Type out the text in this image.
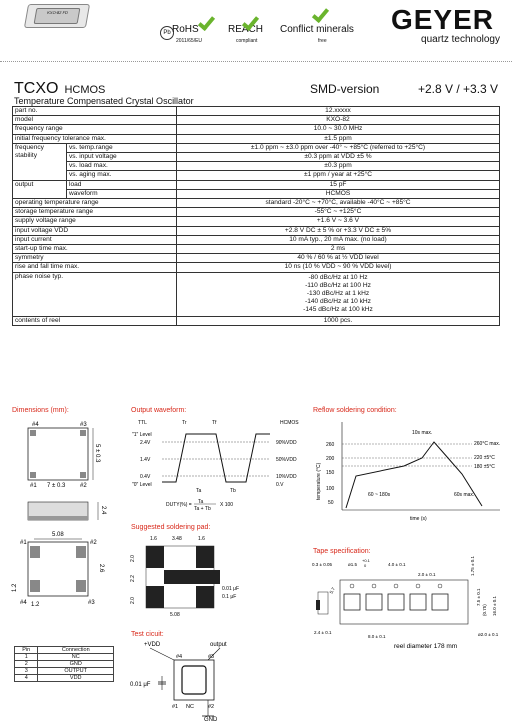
KXO-82 FD
Pb RoHS
2011/65/EU
REACH
compliant
Conflict minerals
free
GEYER
quartz technology
TCXO HCMOS
Temperature Compensated Crystal Oscillator
SMD-version	+2.8 V / +3.3 V
part no.		12.xxxxx
model		KXO-82
frequency range		10.0 ~ 30.0 MHz
initial frequency tolerance max.		±1.5 ppm
frequency stability	vs. temp.range	±1.0 ppm ~ ±3.0 ppm over -40° ~ +85°C (referred to +25°C)
	vs. input voltage	±0.3 ppm at VDD ±5 %
	vs. load max.	±0.3 ppm
	vs. aging max.	±1 ppm / year at +25°C
output	load	15 pF
	waveform	HCMOS
operating temperature range		standard -20°C ~ +70°C, available -40°C ~ +85°C
storage temperature range		-55°C ~ +125°C
supply voltage range		+1.6 V ~ 3.6 V
input voltage VDD		+2.8 V DC ± 5 % or +3.3 V DC ± 5%
input current		10 mA typ., 20 mA max. (no load)
start-up time max.		2 ms
symmetry		40 % / 60 % at ½ VDD level
rise and fall time max.		10 ns (10 % VDD ~ 90 % VDD level)
phase noise typ.		-80 dBc/Hz at 10 Hz
-110 dBc/Hz at 100 Hz
-130 dBc/Hz at 1 kHz
-140 dBc/Hz at 10 kHz
-145 dBc/Hz at 100 kHz

contents of reel		1000 pcs.
Dimensions (mm):	Output waveform:	Reflow soldering condition:
Suggested soldering pad:
Tape specification:
Test cicuit:
#4	#3
#1	#2
7 ± 0.3
5 ± 0.3
2.4
5.08
#1	#2
#4	#3
2.6
1.2
1.2
TTL	HCMOS
Tr	Tf
"1" Level
2.4V
1.4V
0.4V
"0" Level
90%VDD
50%VDD
10%VDD
0.V
Ta	Tb
DUTY(%) = Ta
Ta + Tb
X 100
260
200
150
100
50
temperature (°C)
time (s)
10s max.
260°C max.
220 ±5°C
180 ±5°C
60 ~ 180s	60s max.
1.6	3.48	1.6
2.0
2.2
2.0
5.08
0.01 μF
0.1 μF
0.3 ± 0.05	ø1.5
+0.1
0	4.0 ± 0.1
2.0 ± 0.1
5.7
1.75 ± 0.1
7.5 ± 0.1 16.0 ± 0.1
(0.75)
2.4 ± 0.1
8.0 ± 0.1	ø2.0 ± 0.1
reel diameter 178 mm
+VDD	output
#4	#3
#1 NC	#2
0.01 μF
GND
Pin	Connection
1	NC
2	GND
3	OUTPUT
4	VDD
